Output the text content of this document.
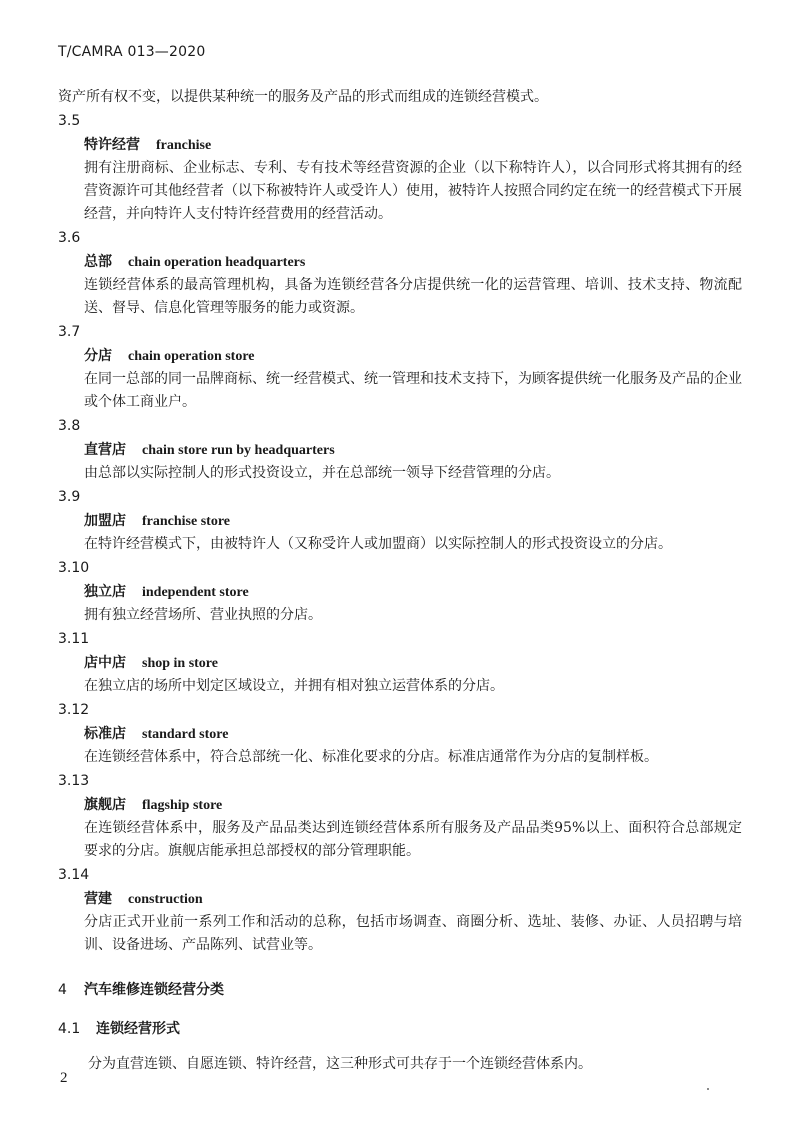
T/CAMRA 013—2020
资产所有权不变，以提供某种统一的服务及产品的形式而组成的连锁经营模式。
3.5
特许经营 franchise
拥有注册商标、企业标志、专利、专有技术等经营资源的企业（以下称特许人），以合同形式将其拥有的经营资源许可其他经营者（以下称被特许人或受许人）使用，被特许人按照合同约定在统一的经营模式下开展经营，并向特许人支付特许经营费用的经营活动。
3.6
总部 chain operation headquarters
连锁经营体系的最高管理机构，具备为连锁经营各分店提供统一化的运营管理、培训、技术支持、物流配送、督导、信息化管理等服务的能力或资源。
3.7
分店 chain operation store
在同一总部的同一品牌商标、统一经营模式、统一管理和技术支持下，为顾客提供统一化服务及产品的企业或个体工商业户。
3.8
直营店 chain store run by headquarters
由总部以实际控制人的形式投资设立，并在总部统一领导下经营管理的分店。
3.9
加盟店 franchise store
在特许经营模式下，由被特许人（又称受许人或加盟商）以实际控制人的形式投资设立的分店。
3.10
独立店 independent store
拥有独立经营场所、营业执照的分店。
3.11
店中店 shop in store
在独立店的场所中划定区域设立，并拥有相对独立运营体系的分店。
3.12
标准店 standard store
在连锁经营体系中，符合总部统一化、标准化要求的分店。标准店通常作为分店的复制样板。
3.13
旗舰店 flagship store
在连锁经营体系中，服务及产品品类达到连锁经营体系所有服务及产品品类95%以上、面积符合总部规定要求的分店。旗舰店能承担总部授权的部分管理职能。
3.14
营建 construction
分店正式开业前一系列工作和活动的总称，包括市场调查、商圈分析、选址、装修、办证、人员招聘与培训、设备进场、产品陈列、试营业等。
4 汽车维修连锁经营分类
4.1 连锁经营形式
分为直营连锁、自愿连锁、特许经营，这三种形式可共存于一个连锁经营体系内。
2
